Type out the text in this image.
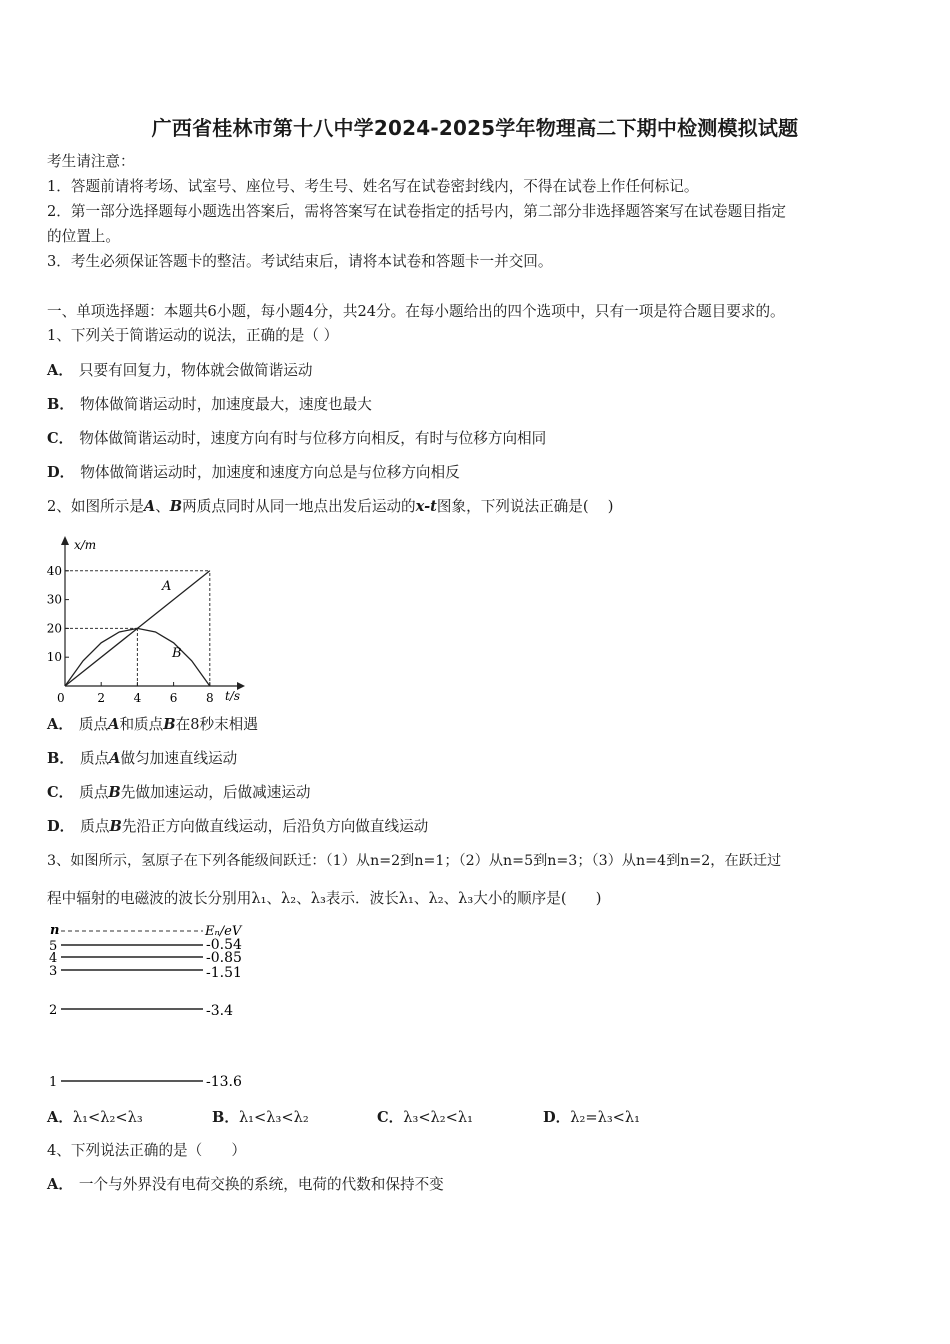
广西省桂林市第十八中学2024-2025学年物理高二下期中检测模拟试题
考生请注意：
1．答题前请将考场、试室号、座位号、考生号、姓名写在试卷密封线内，不得在试卷上作任何标记。
2．第一部分选择题每小题选出答案后，需将答案写在试卷指定的括号内，第二部分非选择题答案写在试卷题目指定
的位置上。
3．考生必须保证答题卡的整洁。考试结束后，请将本试卷和答题卡一并交回。
一、单项选择题：本题共6小题，每小题4分，共24分。在每小题给出的四个选项中，只有一项是符合题目要求的。
1、下列关于简谐运动的说法，正确的是（ ）
A． 只要有回复力，物体就会做简谐运动
B． 物体做简谐运动时，加速度最大，速度也最大
C． 物体做简谐运动时，速度方向有时与位移方向相反，有时与位移方向相同
D． 物体做简谐运动时，加速度和速度方向总是与位移方向相反
2、如图所示是A、B两质点同时从同一地点出发后运动的x-t图象，下列说法正确是(　 )
A
B
0	2 4 6 8
10
20
30
40
x/m
t/s
A． 质点A和质点B在8秒末相遇
B． 质点A做匀加速直线运动
C． 质点B先做加速运动，后做减速运动
D． 质点B先沿正方向做直线运动，后沿负方向做直线运动
3、如图所示，氢原子在下列各能级间跃迁：（1）从n=2到n=1；（2）从n=5到n=3；（3）从n=4到n=2，在跃迁过
程中辐射的电磁波的波长分别用λ₁、λ₂、λ₃表示．波长λ₁、λ₂、λ₃大小的顺序是(　　)
n	Eₙ/eV
5	-0.54
4	-0.85
3	-1.51
2	-3.4
1	-13.6
A．λ₁<λ₂<λ₃	B．λ₁<λ₃<λ₂	C．λ₃<λ₂<λ₁	D．λ₂=λ₃<λ₁
4、下列说法正确的是（　　）
A． 一个与外界没有电荷交换的系统，电荷的代数和保持不变
